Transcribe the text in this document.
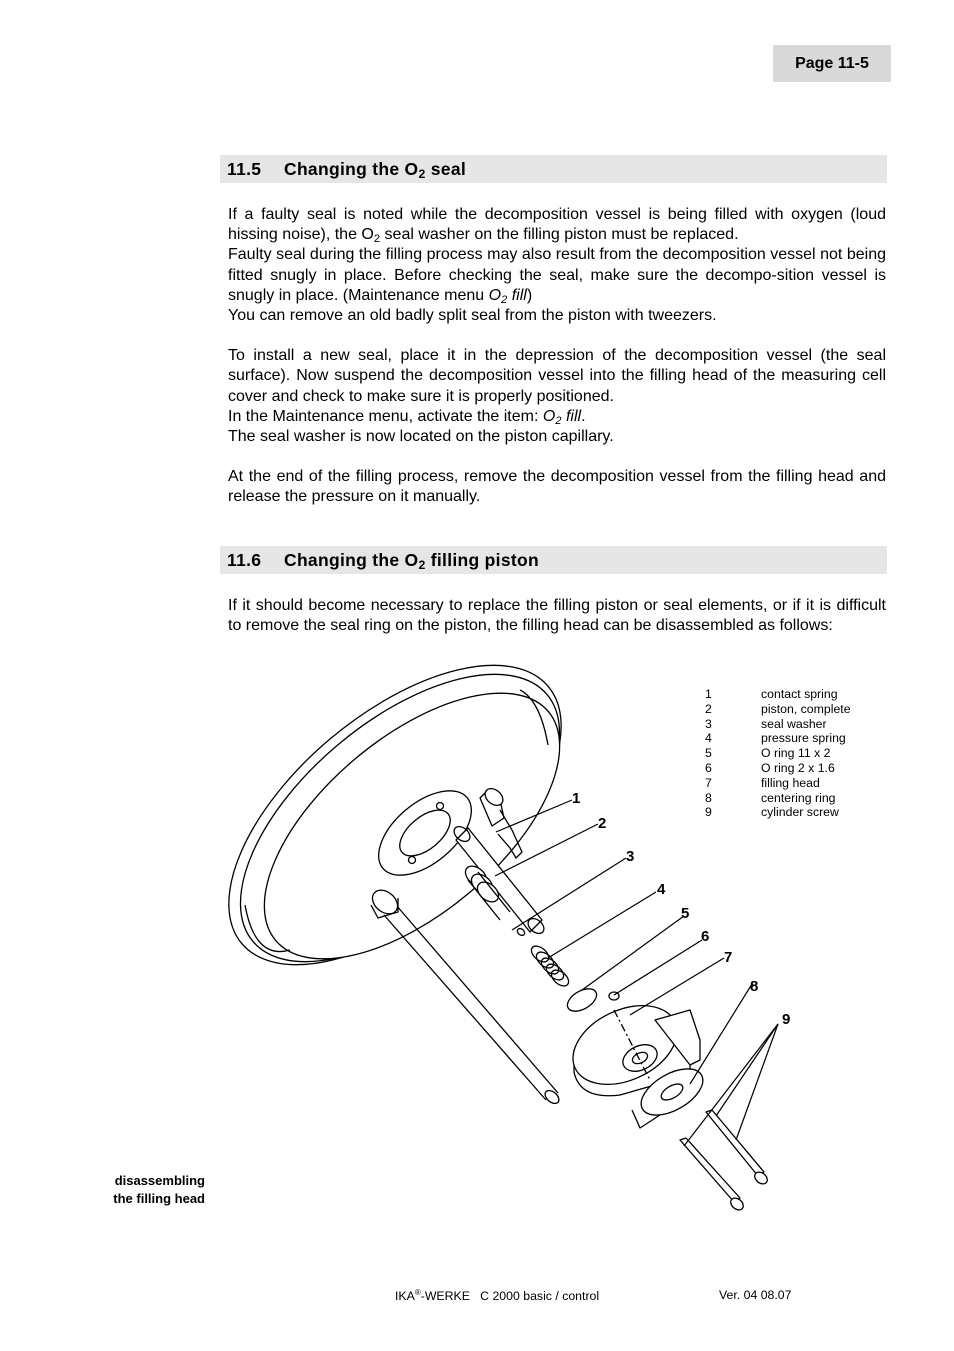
Page 11-5
11.5	Changing the $O_2$ seal

If a faulty seal is noted while the decomposition vessel is being filled with oxygen (loud hissing noise), the $O_2$ seal washer on the filling piston must be replaced.

Faulty seal during the filling process may also result from the decomposition vessel not being fitted snugly in place. Before checking the seal, make sure the decompo-sition vessel is snugly in place. (Maintenance menu $O_2$ fill)

You can remove an old badly split seal from the piston with tweezers.

To install a new seal, place it in the depression of the decomposition vessel (the seal surface). Now suspend the decomposition vessel into the filling head of the measuring cell cover and check to make sure it is properly positioned.

In the Maintenance menu, activate the item: $O_2$ fill.

The seal washer is now located on the piston capillary.

At the end of the filling process, remove the decomposition vessel from the filling head and release the pressure on it manually.

11.6	Changing the $O_2$ filling piston

If it should become necessary to replace the filling piston or seal elements, or if it is difficult to remove the seal ring on the piston, the filling head can be disassembled as follows:

1
2
3
4
5
6
7
8
9
1	contact spring
2	piston, complete
3	seal washer
4	pressure spring
5	O ring 11 x 2
6	O ring 2 x 1.6
7	filling head
8	centering ring
9	cylinder screw
disassembling
the filling head
IKA®-WERKE   C 2000 basic / control	Ver. 04 08.07
